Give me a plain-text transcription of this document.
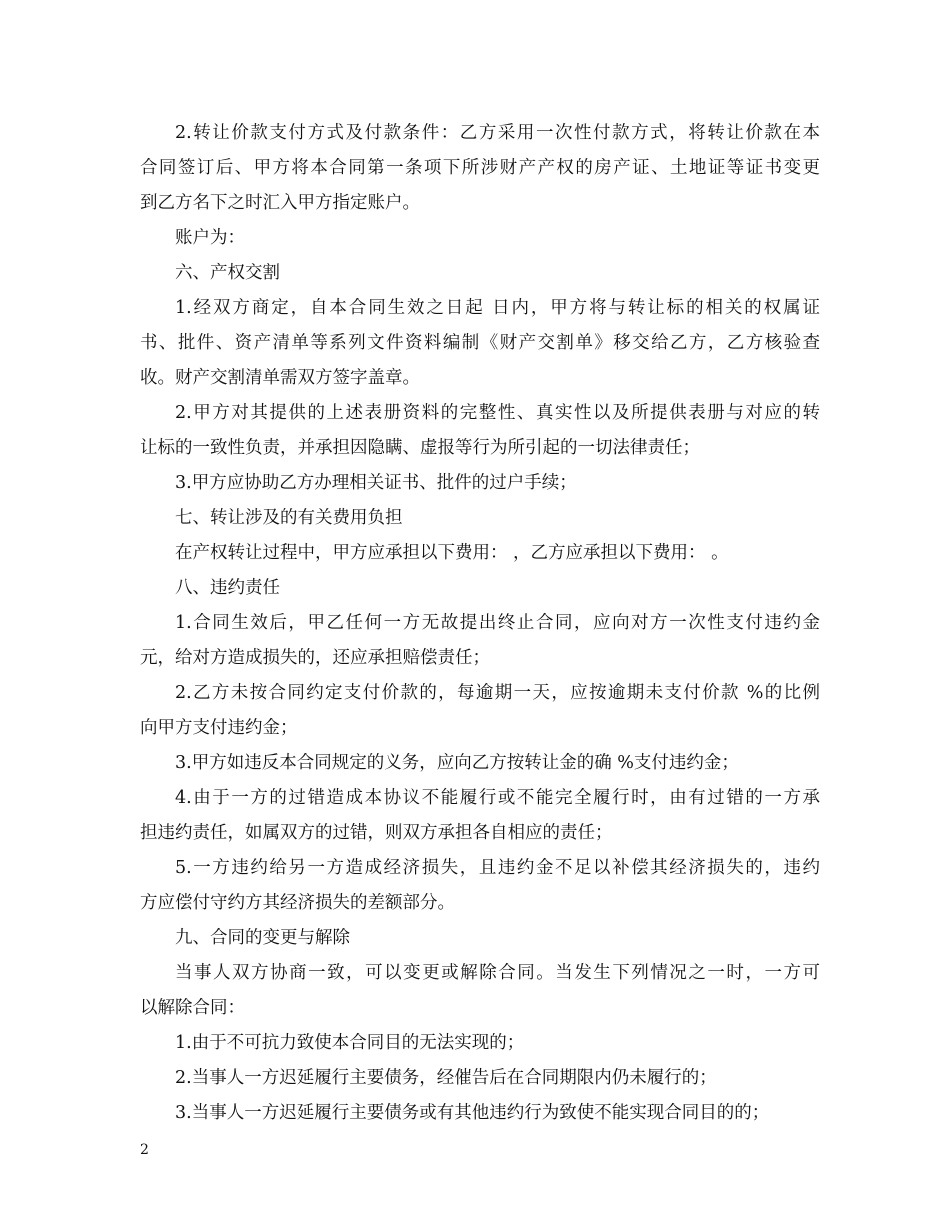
2.转让价款支付方式及付款条件：乙方采用一次性付款方式，将转让价款在本
合同签订后、甲方将本合同第一条项下所涉财产产权的房产证、土地证等证书变更
到乙方名下之时汇入甲方指定账户。
账户为：
六、产权交割
1.经双方商定，自本合同生效之日起 日内，甲方将与转让标的相关的权属证
书、批件、资产清单等系列文件资料编制《财产交割单》移交给乙方，乙方核验查
收。财产交割清单需双方签字盖章。
2.甲方对其提供的上述表册资料的完整性、真实性以及所提供表册与对应的转
让标的一致性负责，并承担因隐瞒、虚报等行为所引起的一切法律责任；
3.甲方应协助乙方办理相关证书、批件的过户手续；
七、转让涉及的有关费用负担
在产权转让过程中，甲方应承担以下费用： ，乙方应承担以下费用： 。
八、违约责任
1.合同生效后，甲乙任何一方无故提出终止合同，应向对方一次性支付违约金
元，给对方造成损失的，还应承担赔偿责任；
2.乙方未按合同约定支付价款的，每逾期一天，应按逾期未支付价款 %的比例
向甲方支付违约金；
3.甲方如违反本合同规定的义务，应向乙方按转让金的确 %支付违约金；
4.由于一方的过错造成本协议不能履行或不能完全履行时，由有过错的一方承
担违约责任，如属双方的过错，则双方承担各自相应的责任；
5.一方违约给另一方造成经济损失，且违约金不足以补偿其经济损失的，违约
方应偿付守约方其经济损失的差额部分。
九、合同的变更与解除
当事人双方协商一致，可以变更或解除合同。当发生下列情况之一时，一方可
以解除合同：
1.由于不可抗力致使本合同目的无法实现的；
2.当事人一方迟延履行主要债务，经催告后在合同期限内仍未履行的；
3.当事人一方迟延履行主要债务或有其他违约行为致使不能实现合同目的的；
2
